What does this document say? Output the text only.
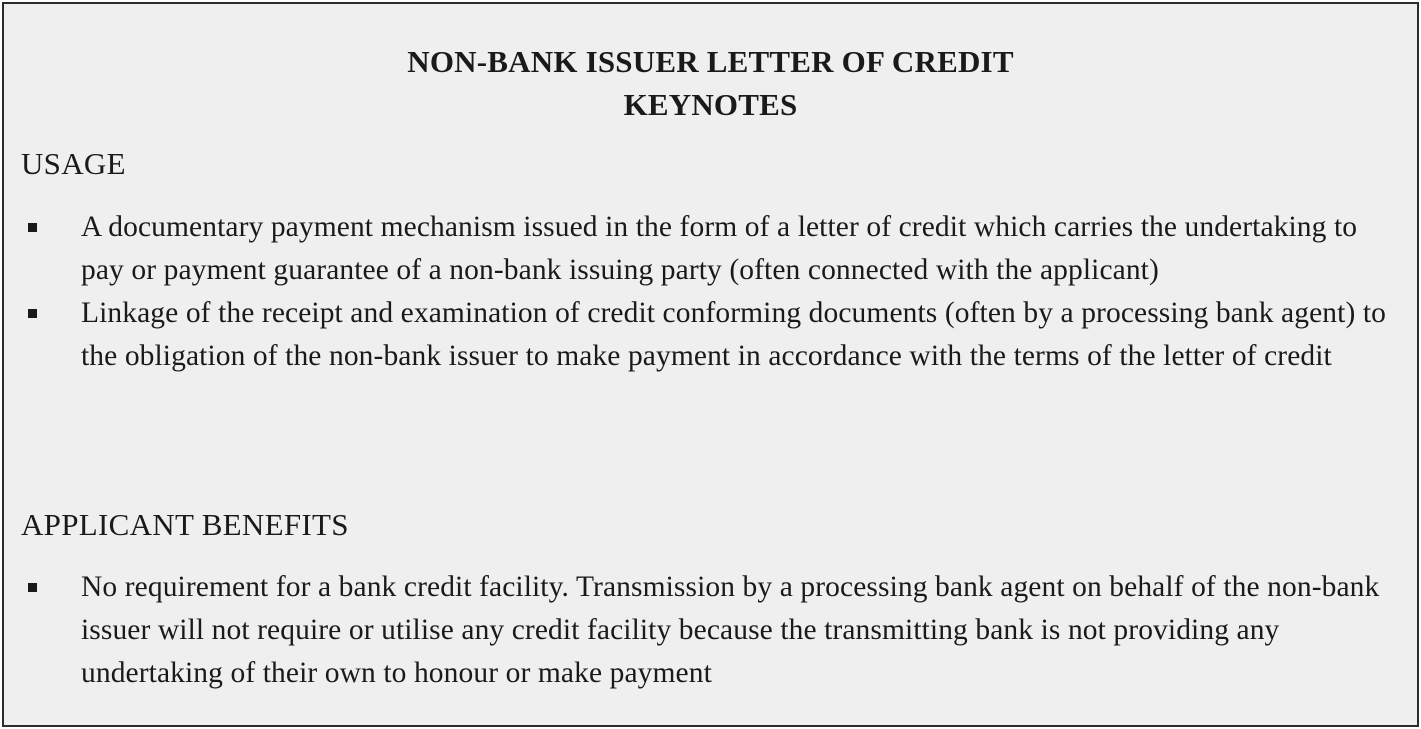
NON-BANK ISSUER LETTER OF CREDIT
KEYNOTES
USAGE
A documentary payment mechanism issued in the form of a letter of credit which carries the undertaking to pay or payment guarantee of a non-bank issuing party (often connected with the applicant)
Linkage of the receipt and examination of credit conforming documents (often by a processing bank agent) to the obligation of the non-bank issuer to make payment in accordance with the terms of the letter of credit
APPLICANT BENEFITS
No requirement for a bank credit facility. Transmission by a processing bank agent on behalf of the non-bank issuer will not require or utilise any credit facility because the transmitting bank is not providing any undertaking of their own to honour or make payment
